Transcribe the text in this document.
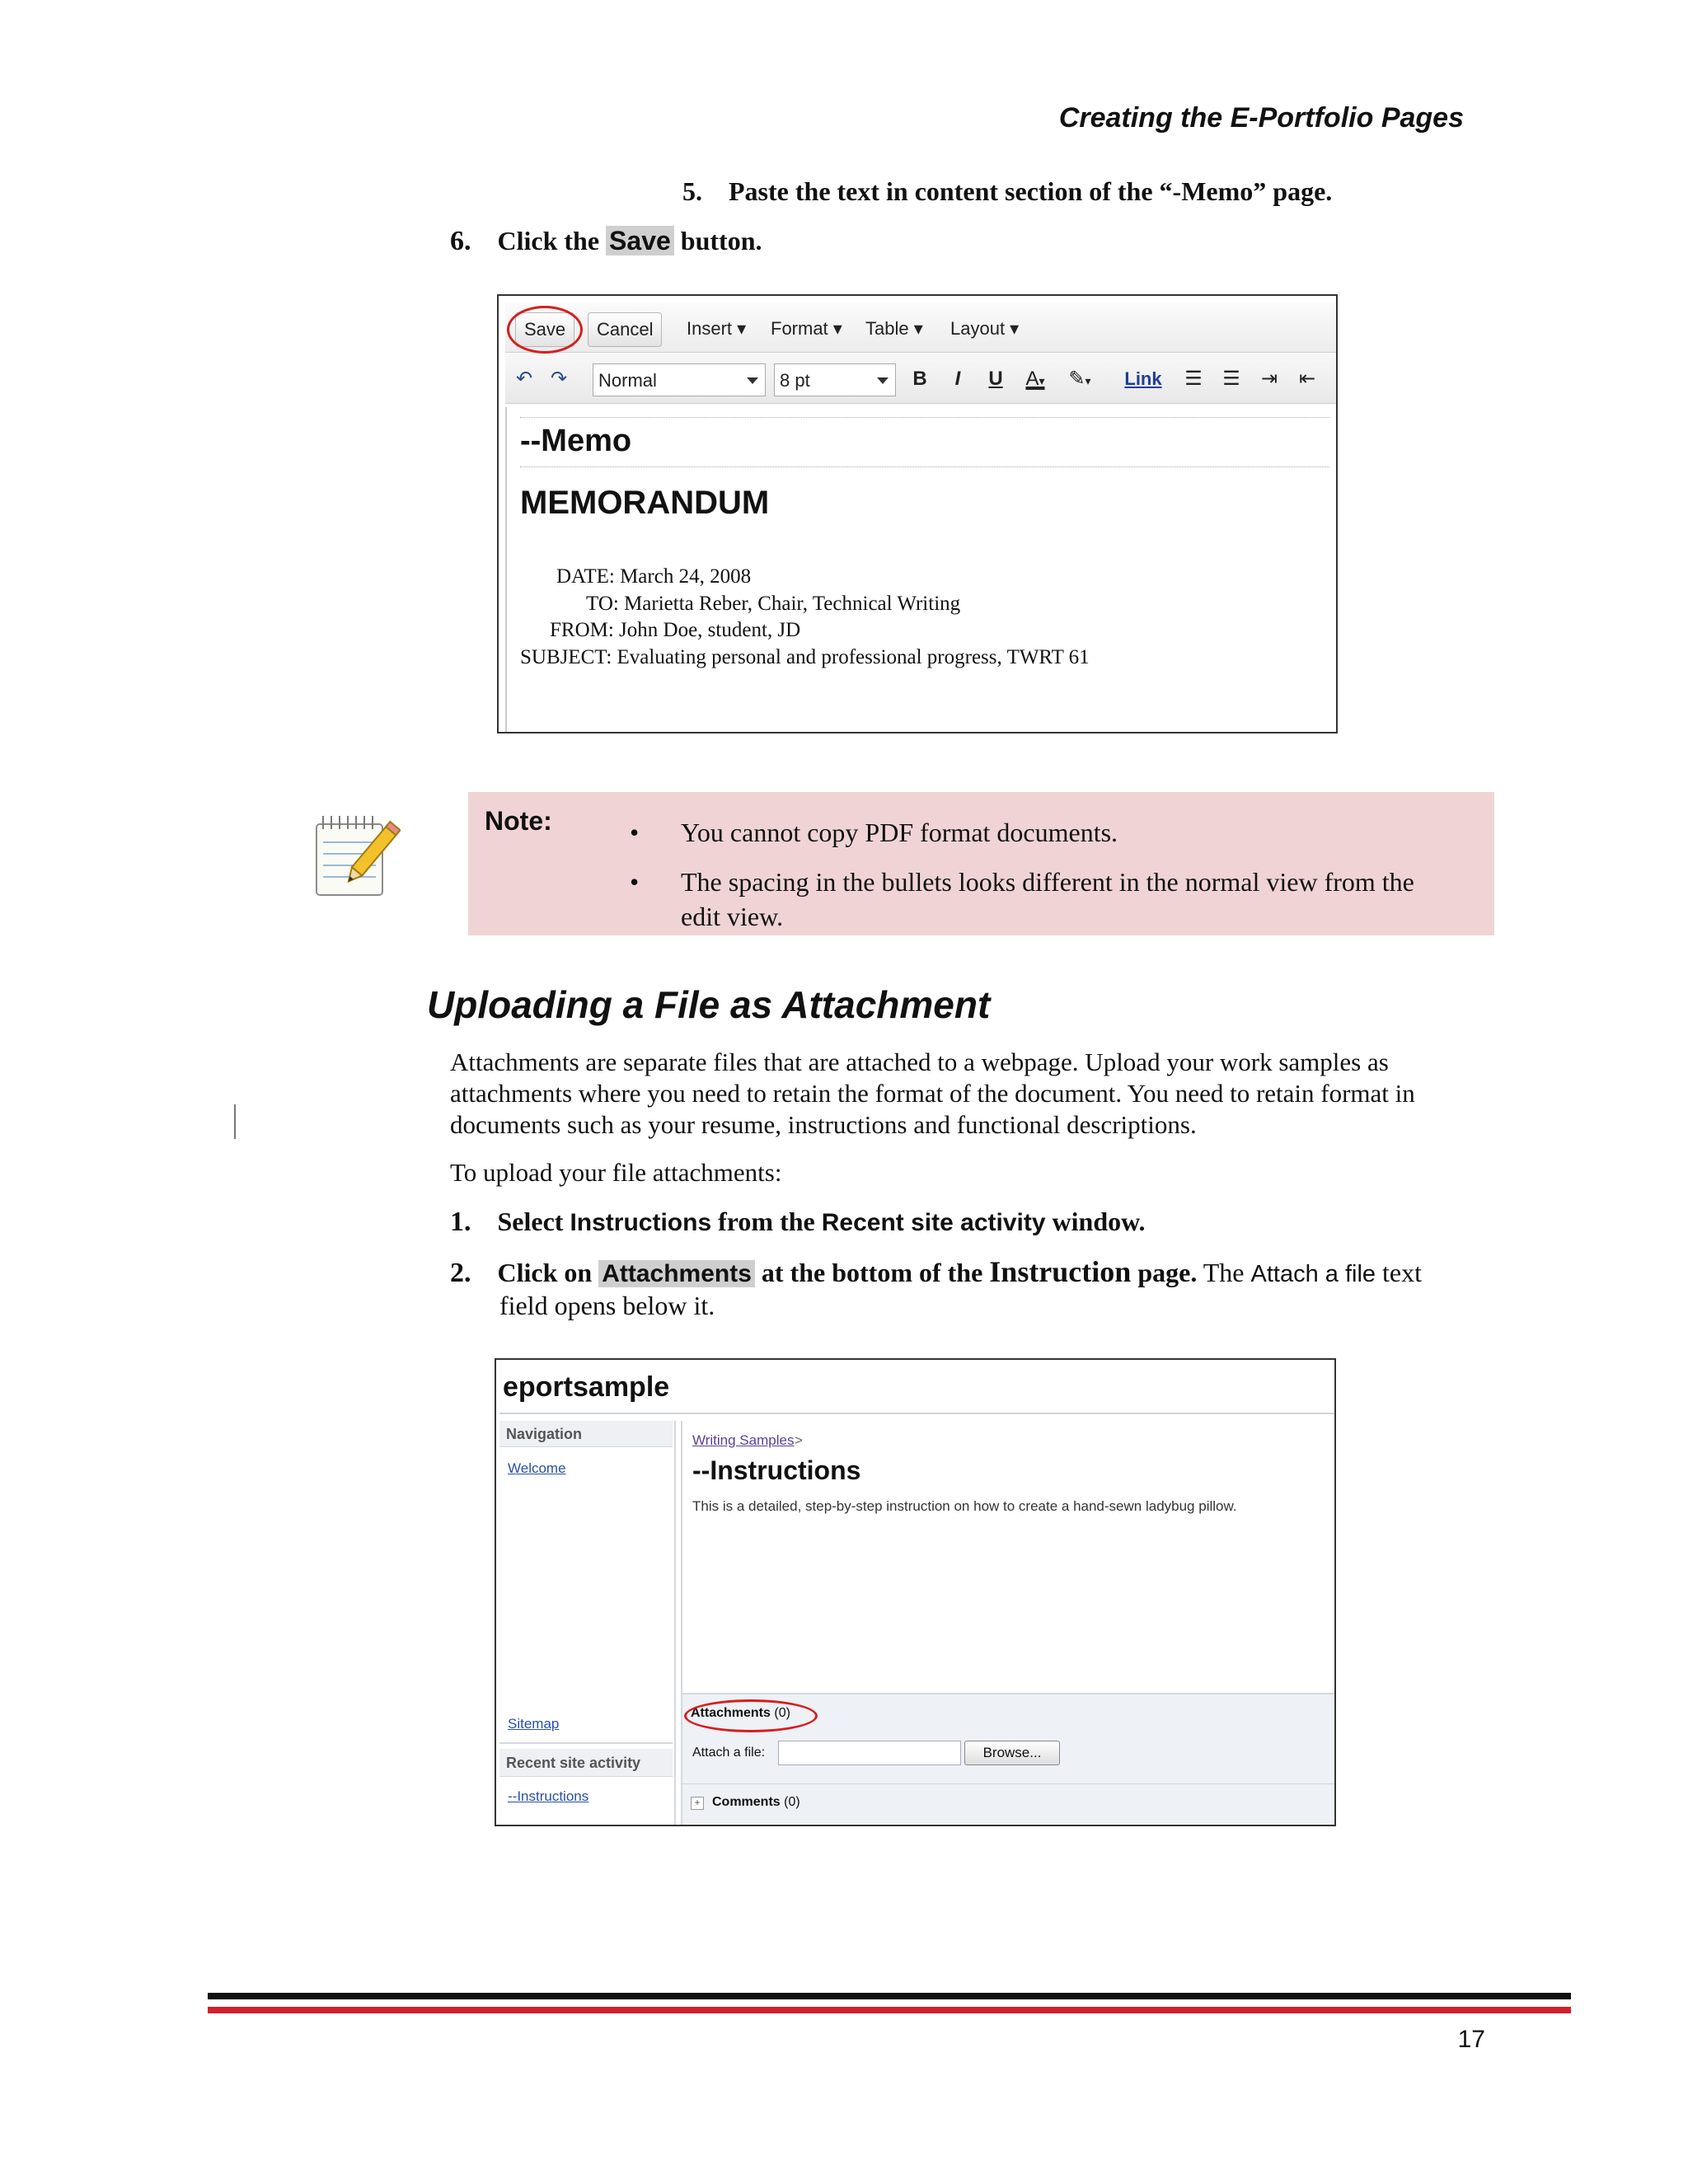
Creating the E-Portfolio Pages
5. Paste the text in content section of the “-Memo” page.
6. Click the Save button.
Save	Cancel	Insert ▾ Format ▾ Table ▾ Layout ▾
↶ ↷	Normal	8 pt	B	I	U	A▾ ✎▾	Link	☰ ☰ ⇥ ⇤
--Memo
MEMORANDUM
DATE: March 24, 2008
TO: Marietta Reber, Chair, Technical Writing
FROM: John Doe, student, JD
SUBJECT: Evaluating personal and professional progress, TWRT 61
Note:	• You cannot copy PDF format documents.
• The spacing in the bullets looks different in the normal view from the
edit view.
Uploading a File as Attachment
Attachments are separate files that are attached to a webpage. Upload your work samples as
attachments where you need to retain the format of the document. You need to retain format in
documents such as your resume, instructions and functional descriptions.
To upload your file attachments:
1. Select Instructions from the Recent site activity window.
2. Click on Attachments at the bottom of the Instruction page. The Attach a file text
field opens below it.
eportsample
Navigation
Welcome
Sitemap
Recent site activity
--Instructions
Writing Samples >
--Instructions
This is a detailed, step-by-step instruction on how to create a hand-sewn ladybug pillow.
Attachments (0)
Attach a file:	Browse...
+ Comments (0)
17
